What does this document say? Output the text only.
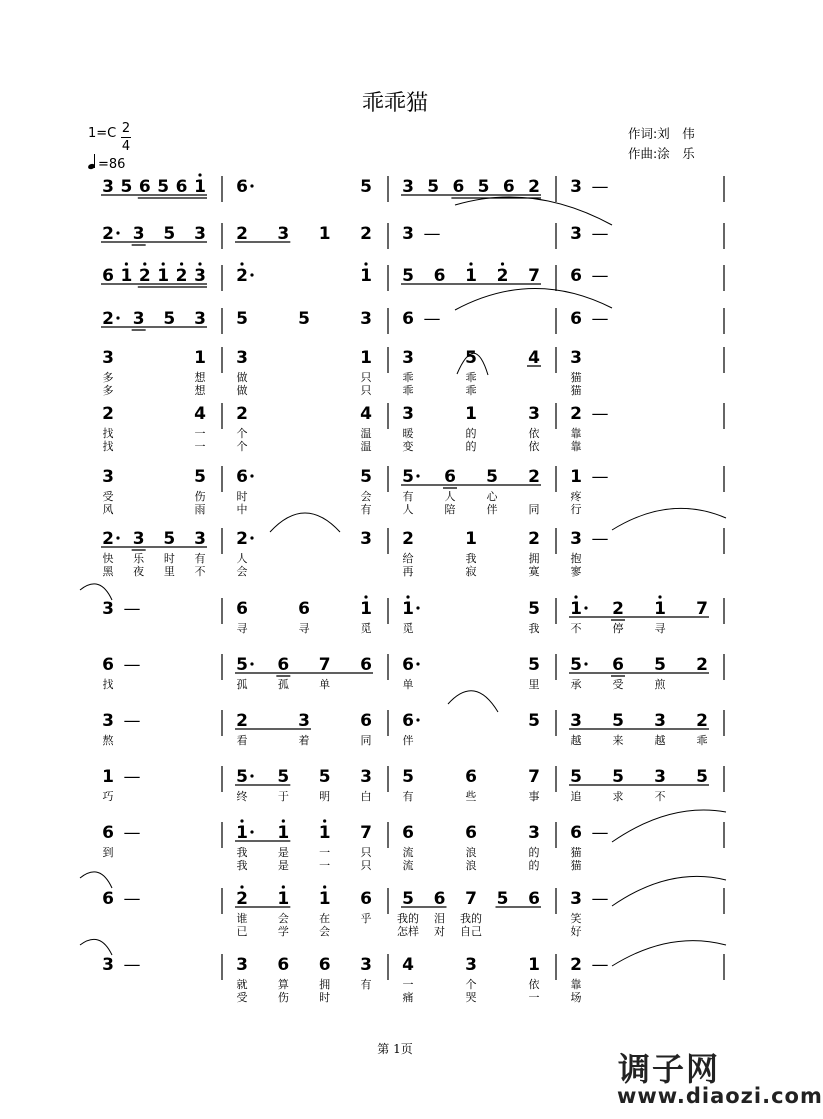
乖乖猫
1=C 2
4
=86
作词:刘　伟
作曲:涂　乐
3 5 6 5 6 1 6	5 3 5 6 5 6 2 3 —
2 3 5 3 2 3 1 2 3 —	3 —
6 1 2 1 2 3 2	1 5 6 1 2 7 6 —
2 3 5 3 5	5	3 6 —	6 —
3	1
多	想
多	想
3	1
做	只
做	只
3	5	4
乖	乖
乖	乖
3
猫
猫
2	4
找	一
找	一
2	4
个	温
个	温
3	1	3
暖	的	依
变	的	依
2 —
靠
靠
3	5
受	伤
风	雨
6	5
时	会
中	有
5 6 5 2
有	人	心
人	陪	伴	同
1 —
疼
行
2 3 5 3
快 乐 时 有
黑 夜 里 不
2	3
人
会
2	1	2
给	我	拥
再	寂	寞
3 —
抱
寥
3 —	6	6	1
寻	寻	觅
1	5
觅	我
1 2 1 7
不	停	寻
6 —
找
5 6 7 6
孤	孤	单
6	5
单	里
5 6 5 2
承	受	煎
3 —
熬
2	3	6
看	着	同
6	5
伴
3 5 3 2
越	来	越	乖
1 —
巧
5 5 5 3
终	于	明	白
5	6	7
有	些	事
5 5 3 5
追	求	不
6 —
到
1 1 1 7
我	是	一	只
我	是	一	只
6	6	3
流	浪	的
流	浪	的
6 —
猫
猫
6 —	2 1 1 6
谁	会	在	乎
已	学	会
5 6 7 5 6
我的 泪 我的
怎样 对 自己
3 —
笑
好
3 —	3 6 6 3
就	算	拥	有
受	伤	时
4	3	1
一	个	依
痛	哭	一
2 —
靠
场
第 1页
调子网
www.diaozi.com
